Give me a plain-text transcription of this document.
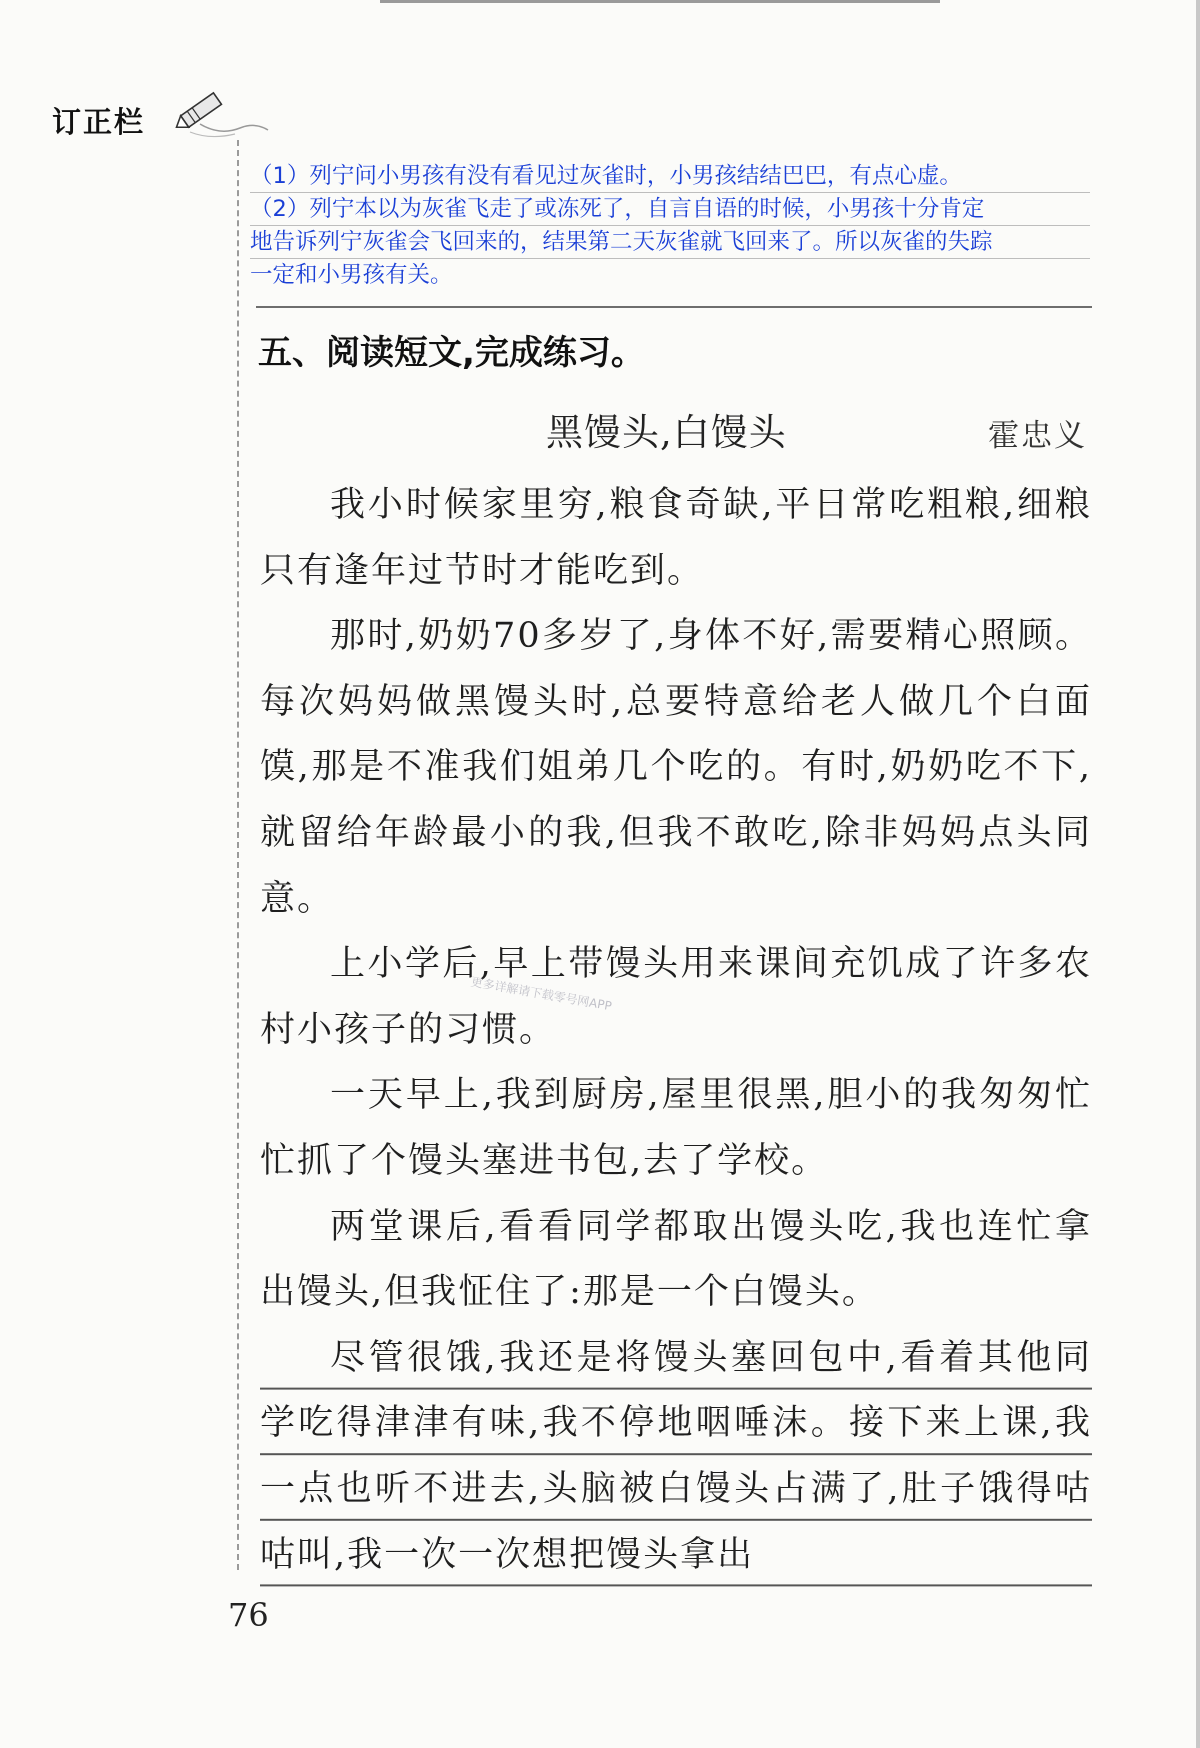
订正栏
（1）列宁问小男孩有没有看见过灰雀时，小男孩结结巴巴，有点心虚。
（2）列宁本以为灰雀飞走了或冻死了，自言自语的时候，小男孩十分肯定
地告诉列宁灰雀会飞回来的，结果第二天灰雀就飞回来了。所以灰雀的失踪
一定和小男孩有关。
五、阅读短文,完成练习。
黑馒头,白馒头	霍忠义

我小时候家里穷,粮食奇缺,平日常吃粗粮,细粮只有逢年过节时才能吃到。

那时,奶奶70多岁了,身体不好,需要精心照顾。每次妈妈做黑馒头时,总要特意给老人做几个白面馍,那是不准我们姐弟几个吃的。有时,奶奶吃不下,就留给年龄最小的我,但我不敢吃,除非妈妈点头同意。

上小学后,早上带馒头用来课间充饥成了许多农村小孩子的习惯。

一天早上,我到厨房,屋里很黑,胆小的我匆匆忙忙抓了个馒头塞进书包,去了学校。

两堂课后,看看同学都取出馒头吃,我也连忙拿出馒头,但我怔住了:那是一个白馒头。

尽管很饿,我还是将馒头塞回包中,看着其他同学吃得津津有味,我不停地咽唾沫。接下来上课,我一点也听不进去,头脑被白馒头占满了,肚子饿得咕咕叫,我一次一次想把馒头拿出

更多详解请下载零号网APP
76
